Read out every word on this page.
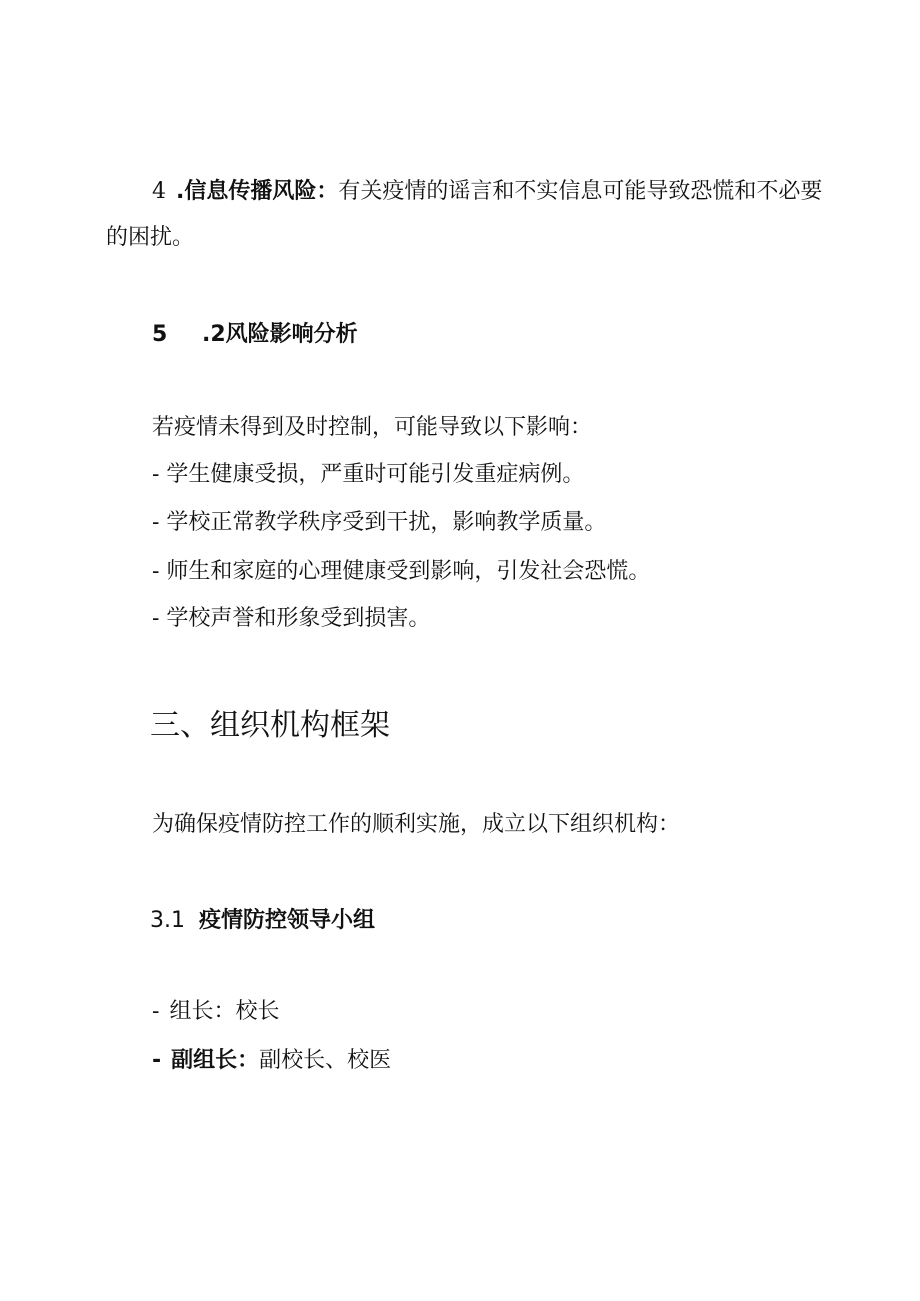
4 .信息传播风险：有关疫情的谣言和不实信息可能导致恐慌和不必要
的困扰。
5 .2风险影响分析
若疫情未得到及时控制，可能导致以下影响：
- 学生健康受损，严重时可能引发重症病例。
- 学校正常教学秩序受到干扰，影响教学质量。
- 师生和家庭的心理健康受到影响，引发社会恐慌。
- 学校声誉和形象受到损害。
三、组织机构框架
为确保疫情防控工作的顺利实施，成立以下组织机构：
3.1 疫情防控领导小组
- 组长：校长
- 副组长：副校长、校医
